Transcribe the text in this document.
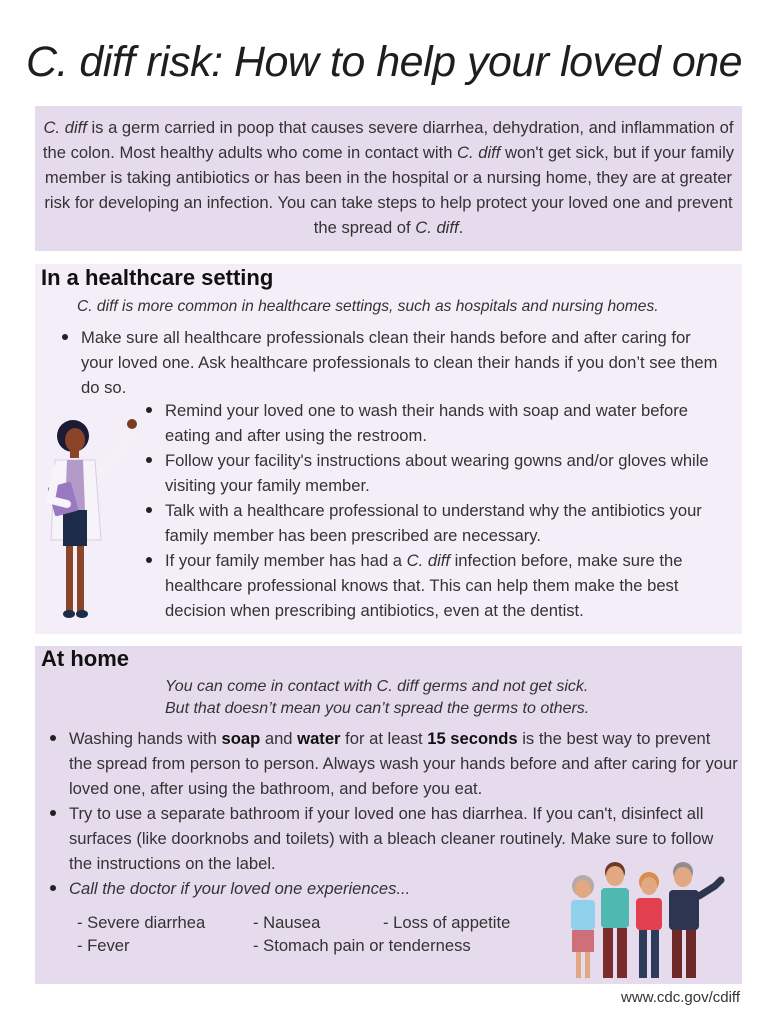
C. diff risk: How to help your loved one
C. diff is a germ carried in poop that causes severe diarrhea, dehydration, and inflammation of the colon. Most healthy adults who come in contact with C. diff won't get sick, but if your family member is taking antibiotics or has been in the hospital or a nursing home, they are at greater risk for developing an infection. You can take steps to help protect your loved one and prevent the spread of C. diff.
In a healthcare setting
C. diff is more common in healthcare settings, such as hospitals and nursing homes.
Make sure all healthcare professionals clean their hands before and after caring for your loved one. Ask healthcare professionals to clean their hands if you don’t see them do so.
Remind your loved one to wash their hands with soap and water before eating and after using the restroom.
Follow your facility's instructions about wearing gowns and/or gloves while visiting your family member.
Talk with a healthcare professional to understand why the antibiotics your family member has been prescribed are necessary.
If your family member has had a C. diff infection before, make sure the healthcare professional knows that. This can help them make the best decision when prescribing antibiotics, even at the dentist.
At home
You can come in contact with C. diff germs and not get sick.
But that doesn’t mean you can’t spread the germs to others.
Washing hands with soap and water for at least 15 seconds is the best way to prevent the spread from person to person. Always wash your hands before and after caring for your loved one, after using the bathroom, and before you eat.
Try to use a separate bathroom if your loved one has diarrhea. If you can't, disinfect all surfaces (like doorknobs and toilets) with a bleach cleaner routinely. Make sure to follow the instructions on the label.
Call the doctor if your loved one experiences...
- Severe diarrhea	- Nausea	- Loss of appetite
- Fever	- Stomach pain or tenderness
www.cdc.gov/cdiff
